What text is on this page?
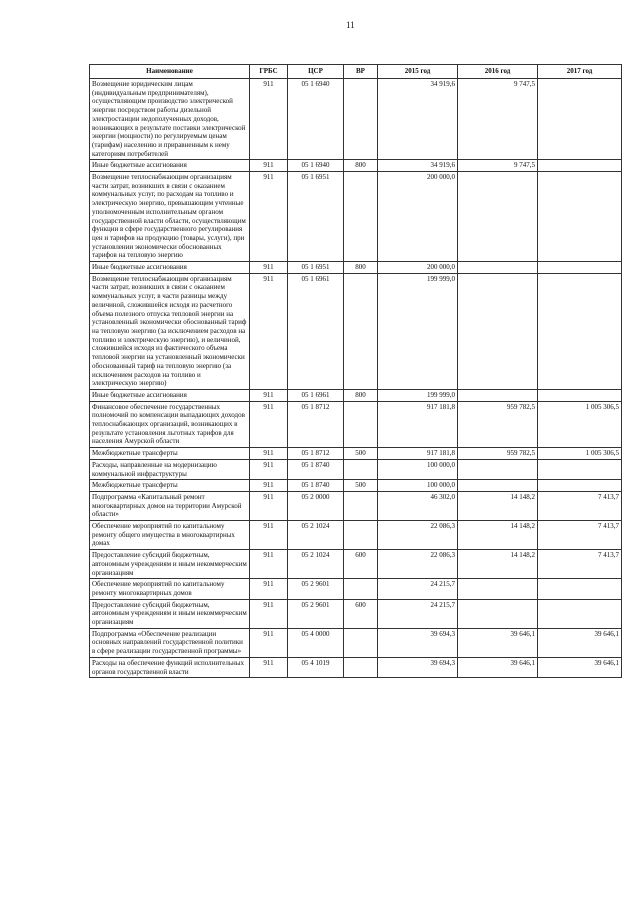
11
Наименование	ГРБС	ЦСР	ВР	2015 год	2016 год	2017 год
Возмещение юридическим лицам (индивидуальным предпринимателям), осуществляющим производство электрической энергии посредством работы дизельной электростанции недополученных доходов, возникающих в результате поставки электрической энергии (мощности) по регулируемым ценам (тарифам) населению и приравненным к нему категориям потребителей	911	05 1 6940		34 919,6	9 747,5	
Иные бюджетные ассигнования	911	05 1 6940	800	34 919,6	9 747,5	
Возмещение теплоснабжающим организациям части затрат, возникших в связи с оказанием коммунальных услуг, по расходам на топливо и электрическую энергию, превышающим учтенные уполномоченным исполнительным органом государственной власти области, осуществляющим функции в сфере государственного регулирования цен и тарифов на продукцию (товары, услуги), при установлении экономически обоснованных тарифов на тепловую энергию	911	05 1 6951		200 000,0		
Иные бюджетные ассигнования	911	05 1 6951	800	200 000,0		
Возмещение теплоснабжающим организациям части затрат, возникших в связи с оказанием коммунальных услуг, в части разницы между величиной, сложившейся исходя из расчетного объема полезного отпуска тепловой энергии на установленный экономически обоснованный тариф на тепловую энергию (за исключением расходов на топливо и электрическую энергию), и величиной, сложившейся исходя из фактического объема тепловой энергии на установленный экономически обоснованный тариф на тепловую энергию (за исключением расходов на топливо и электрическую энергию)	911	05 1 6961		199 999,0		
Иные бюджетные ассигнования	911	05 1 6961	800	199 999,0		
Финансовое обеспечение государственных полномочий по компенсации выпадающих доходов теплоснабжающих организаций, возникающих в результате установления льготных тарифов для населения Амурской области	911	05 1 8712		917 181,8	959 782,5	1 005 306,5
Межбюджетные трансферты	911	05 1 8712	500	917 181,8	959 782,5	1 005 306,5
Расходы, направленные на модернизацию коммунальной инфраструктуры	911	05 1 8740		100 000,0		
Межбюджетные трансферты	911	05 1 8740	500	100 000,0		
Подпрограмма «Капитальный ремонт многоквартирных домов на территории Амурской области»	911	05 2 0000		46 302,0	14 148,2	7 413,7
Обеспечение мероприятий по капитальному ремонту общего имущества в многоквартирных домах	911	05 2 1024		22 086,3	14 148,2	7 413,7
Предоставление субсидий бюджетным, автономным учреждениям и иным некоммерческим организациям	911	05 2 1024	600	22 086,3	14 148,2	7 413,7
Обеспечение мероприятий по капитальному ремонту многоквартирных домов	911	05 2 9601		24 215,7		
Предоставление субсидий бюджетным, автономным учреждениям и иным некоммерческим организациям	911	05 2 9601	600	24 215,7		
Подпрограмма «Обеспечение реализации основных направлений государственной политики в сфере реализации государственной программы»	911	05 4 0000		39 694,3	39 646,1	39 646,1
Расходы на обеспечение функций исполнительных органов государственной власти	911	05 4 1019		39 694,3	39 646,1	39 646,1
